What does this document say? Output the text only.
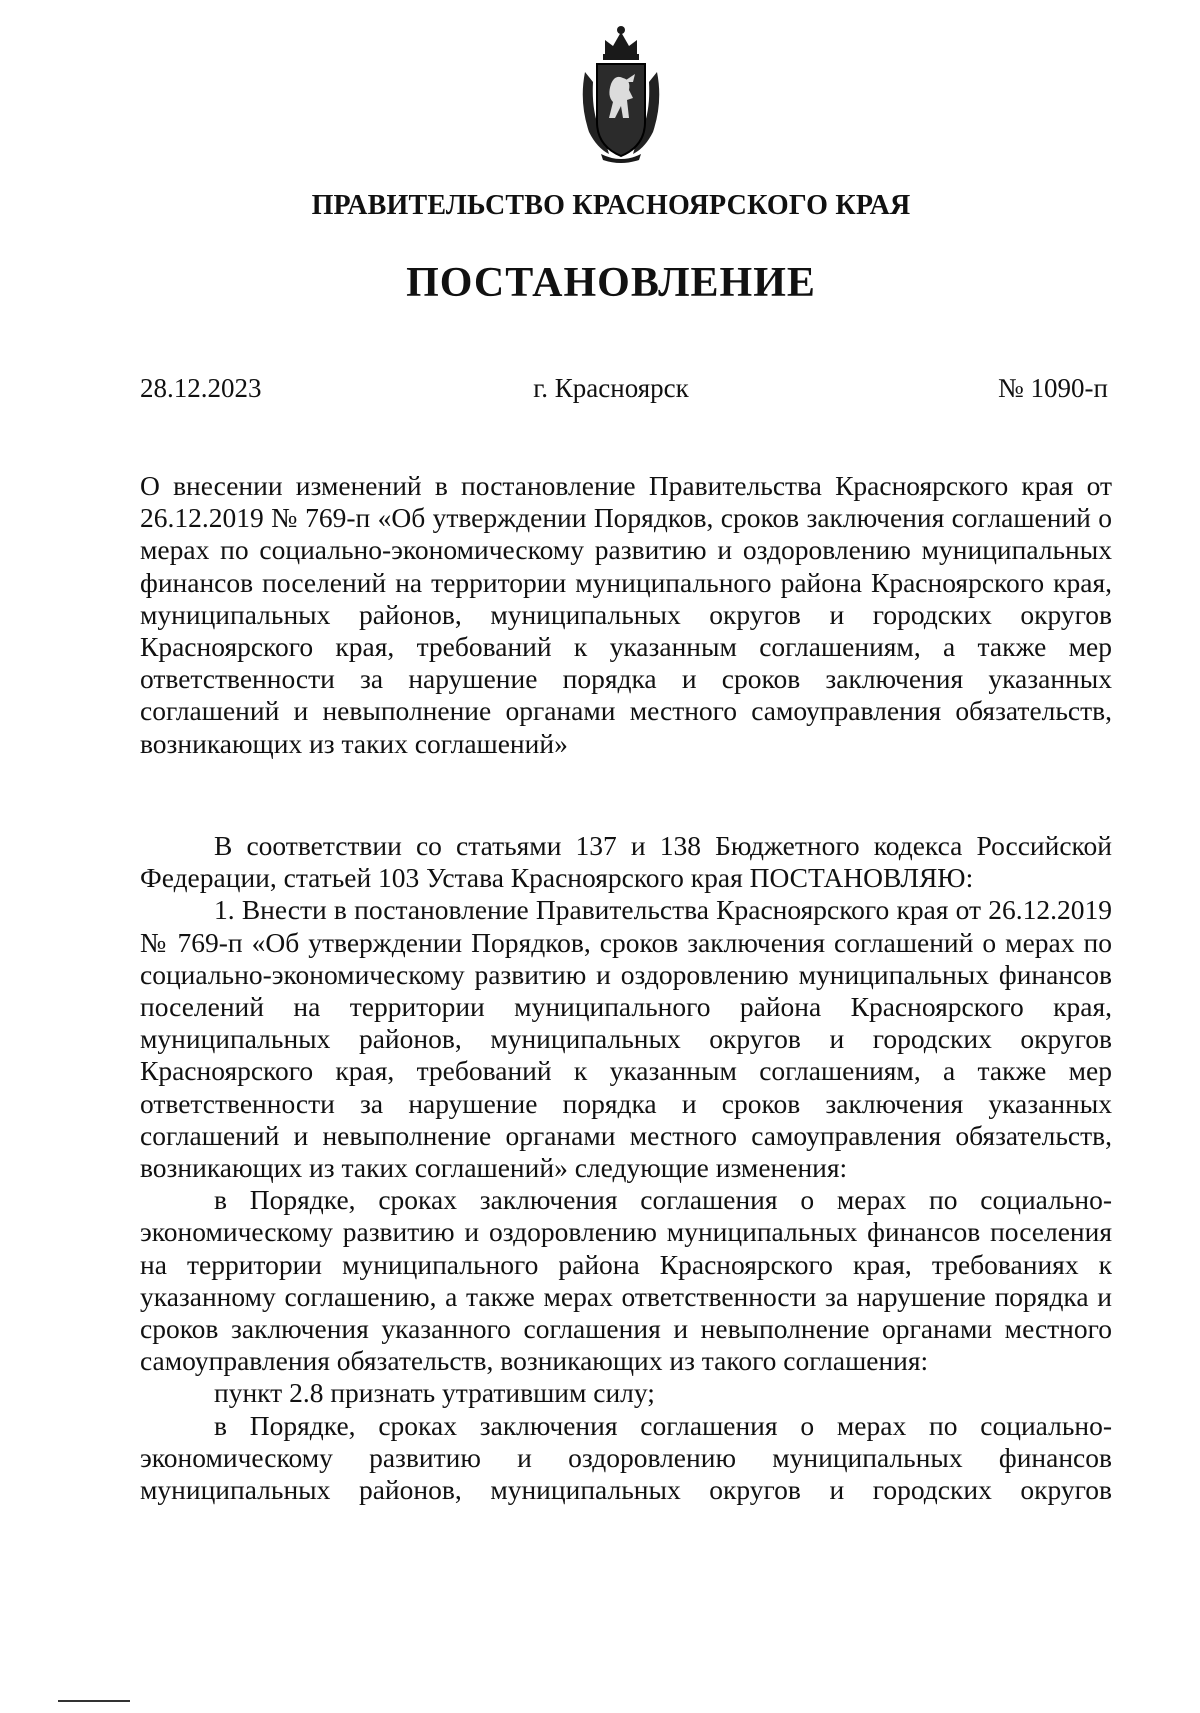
ПРАВИТЕЛЬСТВО КРАСНОЯРСКОГО КРАЯ
ПОСТАНОВЛЕНИЕ
28.12.2023	г. Красноярск	№ 1090-п
О внесении изменений в постановление Правительства Красноярского края от 26.12.2019 № 769-п «Об утверждении Порядков, сроков заключения соглашений о мерах по социально-экономическому развитию и оздоровлению муниципальных финансов поселений на территории муниципального района Красноярского края, муниципальных районов, муниципальных округов и городских округов Красноярского края, требований к указанным соглашениям, а также мер ответственности за нарушение порядка и сроков заключения указанных соглашений и невыполнение органами местного самоуправления обязательств, возникающих из таких соглашений»

В соответствии со статьями 137 и 138 Бюджетного кодекса Российской Федерации, статьей 103 Устава Красноярского края ПОСТАНОВЛЯЮ:

1. Внести в постановление Правительства Красноярского края от 26.12.2019 № 769-п «Об утверждении Порядков, сроков заключения соглашений о мерах по социально-экономическому развитию и оздоровлению муниципальных финансов поселений на территории муниципального района Красноярского края, муниципальных районов, муниципальных округов и городских округов Красноярского края, требований к указанным соглашениям, а также мер ответственности за нарушение порядка и сроков заключения указанных соглашений и невыполнение органами местного самоуправления обязательств, возникающих из таких соглашений» следующие изменения:

в Порядке, сроках заключения соглашения о мерах по социально-экономическому развитию и оздоровлению муниципальных финансов поселения на территории муниципального района Красноярского края, требованиях к указанному соглашению, а также мерах ответственности за нарушение порядка и сроков заключения указанного соглашения и невыполнение органами местного самоуправления обязательств, возникающих из такого соглашения:

пункт 2.8 признать утратившим силу;

в Порядке, сроках заключения соглашения о мерах по социально-экономическому развитию и оздоровлению муниципальных финансов муниципальных районов, муниципальных округов и городских округов
